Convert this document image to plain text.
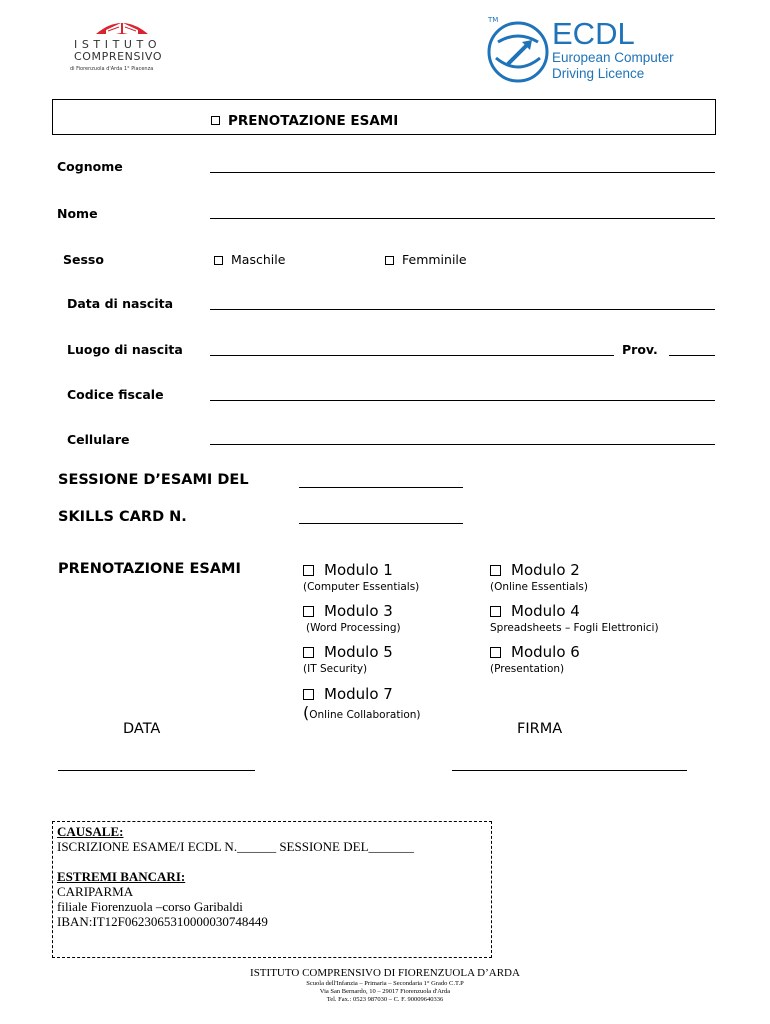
ISTITUTO
COMPRENSIVO
di Fiorenzuola d'Arda 1° Piacenza
TM ECDL
European Computer
Driving Licence
PRENOTAZIONE ESAMI
Cognome
Nome
Sesso	Maschile	Femminile
Data di nascita
Luogo di nascita	Prov.
Codice fiscale
Cellulare
SESSIONE D’ESAMI DEL
SKILLS CARD N.
PRENOTAZIONE ESAMI	Modulo 1
(Computer Essentials)
Modulo 2
(Online Essentials)
Modulo 3
(Word Processing)
Modulo 4
Spreadsheets – Fogli Elettronici)
Modulo 5
(IT Security)
Modulo 6
(Presentation)
Modulo 7
(Online Collaboration)
DATA	FIRMA
CAUSALE:
ISCRIZIONE ESAME/I ECDL N.______ SESSIONE DEL_______
ESTREMI BANCARI:
CARIPARMA
filiale Fiorenzuola –corso Garibaldi
IBAN:IT12F0623065310000030748449
ISTITUTO COMPRENSIVO DI FIORENZUOLA D’ARDA
Scuola dell'Infanzia – Primaria – Secondaria 1° Grado C.T.P
Via San Bernardo, 10 – 29017 Fiorenzuola d'Arda
Tel. Fax.: 0523 987030 – C. F. 90009640336
